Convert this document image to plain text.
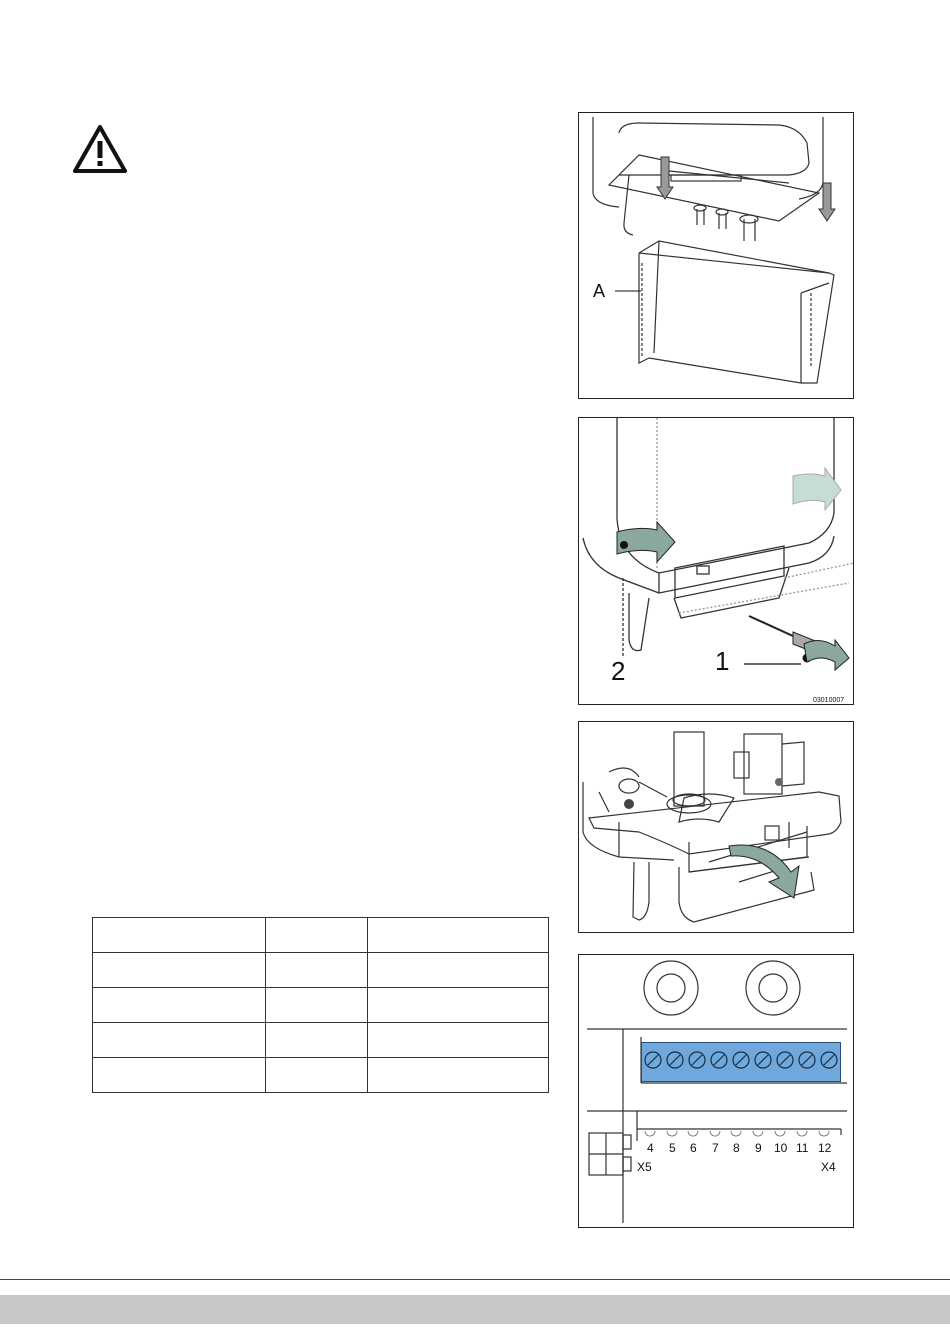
A
1
2
03010007
4 5 6 7 8 9 10 11 12
X5	X4
